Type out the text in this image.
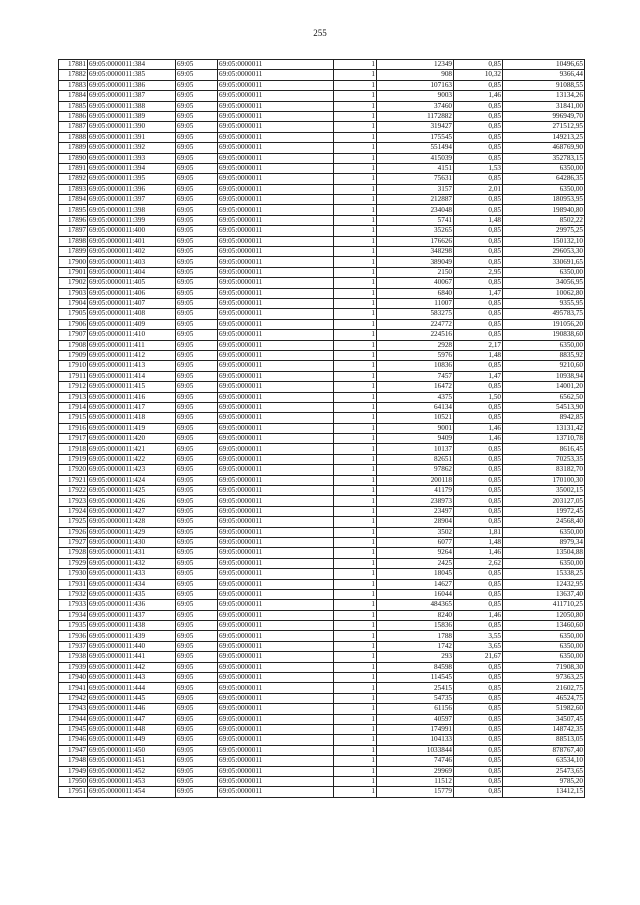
255
17881	69:05:0000011:384	69:05	69:05:0000011	1	12349	0,85	10496,65
17882	69:05:0000011:385	69:05	69:05:0000011	1	908	10,32	9366,44
17883	69:05:0000011:386	69:05	69:05:0000011	1	107163	0,85	91088,55
17884	69:05:0000011:387	69:05	69:05:0000011	1	9003	1,46	13134,26
17885	69:05:0000011:388	69:05	69:05:0000011	1	37460	0,85	31841,00
17886	69:05:0000011:389	69:05	69:05:0000011	1	1172882	0,85	996949,70
17887	69:05:0000011:390	69:05	69:05:0000011	1	319427	0,85	271512,95
17888	69:05:0000011:391	69:05	69:05:0000011	1	175545	0,85	149213,25
17889	69:05:0000011:392	69:05	69:05:0000011	1	551494	0,85	468769,90
17890	69:05:0000011:393	69:05	69:05:0000011	1	415039	0,85	352783,15
17891	69:05:0000011:394	69:05	69:05:0000011	1	4151	1,53	6350,00
17892	69:05:0000011:395	69:05	69:05:0000011	1	75631	0,85	64286,35
17893	69:05:0000011:396	69:05	69:05:0000011	1	3157	2,01	6350,00
17894	69:05:0000011:397	69:05	69:05:0000011	1	212887	0,85	180953,95
17895	69:05:0000011:398	69:05	69:05:0000011	1	234048	0,85	198940,80
17896	69:05:0000011:399	69:05	69:05:0000011	1	5741	1,48	8502,22
17897	69:05:0000011:400	69:05	69:05:0000011	1	35265	0,85	29975,25
17898	69:05:0000011:401	69:05	69:05:0000011	1	176626	0,85	150132,10
17899	69:05:0000011:402	69:05	69:05:0000011	1	348298	0,85	296053,30
17900	69:05:0000011:403	69:05	69:05:0000011	1	389049	0,85	330691,65
17901	69:05:0000011:404	69:05	69:05:0000011	1	2150	2,95	6350,00
17902	69:05:0000011:405	69:05	69:05:0000011	1	40067	0,85	34056,95
17903	69:05:0000011:406	69:05	69:05:0000011	1	6840	1,47	10062,80
17904	69:05:0000011:407	69:05	69:05:0000011	1	11007	0,85	9355,95
17905	69:05:0000011:408	69:05	69:05:0000011	1	583275	0,85	495783,75
17906	69:05:0000011:409	69:05	69:05:0000011	1	224772	0,85	191056,20
17907	69:05:0000011:410	69:05	69:05:0000011	1	224516	0,85	190838,60
17908	69:05:0000011:411	69:05	69:05:0000011	1	2928	2,17	6350,00
17909	69:05:0000011:412	69:05	69:05:0000011	1	5976	1,48	8835,92
17910	69:05:0000011:413	69:05	69:05:0000011	1	10836	0,85	9210,60
17911	69:05:0000011:414	69:05	69:05:0000011	1	7457	1,47	10938,94
17912	69:05:0000011:415	69:05	69:05:0000011	1	16472	0,85	14001,20
17913	69:05:0000011:416	69:05	69:05:0000011	1	4375	1,50	6562,50
17914	69:05:0000011:417	69:05	69:05:0000011	1	64134	0,85	54513,90
17915	69:05:0000011:418	69:05	69:05:0000011	1	10521	0,85	8942,85
17916	69:05:0000011:419	69:05	69:05:0000011	1	9001	1,46	13131,42
17917	69:05:0000011:420	69:05	69:05:0000011	1	9409	1,46	13710,78
17918	69:05:0000011:421	69:05	69:05:0000011	1	10137	0,85	8616,45
17919	69:05:0000011:422	69:05	69:05:0000011	1	82651	0,85	70253,35
17920	69:05:0000011:423	69:05	69:05:0000011	1	97862	0,85	83182,70
17921	69:05:0000011:424	69:05	69:05:0000011	1	200118	0,85	170100,30
17922	69:05:0000011:425	69:05	69:05:0000011	1	41179	0,85	35002,15
17923	69:05:0000011:426	69:05	69:05:0000011	1	238973	0,85	203127,05
17924	69:05:0000011:427	69:05	69:05:0000011	1	23497	0,85	19972,45
17925	69:05:0000011:428	69:05	69:05:0000011	1	28904	0,85	24568,40
17926	69:05:0000011:429	69:05	69:05:0000011	1	3502	1,81	6350,00
17927	69:05:0000011:430	69:05	69:05:0000011	1	6077	1,48	8979,34
17928	69:05:0000011:431	69:05	69:05:0000011	1	9264	1,46	13504,88
17929	69:05:0000011:432	69:05	69:05:0000011	1	2425	2,62	6350,00
17930	69:05:0000011:433	69:05	69:05:0000011	1	18045	0,85	15338,25
17931	69:05:0000011:434	69:05	69:05:0000011	1	14627	0,85	12432,95
17932	69:05:0000011:435	69:05	69:05:0000011	1	16044	0,85	13637,40
17933	69:05:0000011:436	69:05	69:05:0000011	1	484365	0,85	411710,25
17934	69:05:0000011:437	69:05	69:05:0000011	1	8240	1,46	12050,80
17935	69:05:0000011:438	69:05	69:05:0000011	1	15836	0,85	13460,60
17936	69:05:0000011:439	69:05	69:05:0000011	1	1788	3,55	6350,00
17937	69:05:0000011:440	69:05	69:05:0000011	1	1742	3,65	6350,00
17938	69:05:0000011:441	69:05	69:05:0000011	1	293	21,67	6350,00
17939	69:05:0000011:442	69:05	69:05:0000011	1	84598	0,85	71908,30
17940	69:05:0000011:443	69:05	69:05:0000011	1	114545	0,85	97363,25
17941	69:05:0000011:444	69:05	69:05:0000011	1	25415	0,85	21602,75
17942	69:05:0000011:445	69:05	69:05:0000011	1	54735	0,85	46524,75
17943	69:05:0000011:446	69:05	69:05:0000011	1	61156	0,85	51982,60
17944	69:05:0000011:447	69:05	69:05:0000011	1	40597	0,85	34507,45
17945	69:05:0000011:448	69:05	69:05:0000011	1	174991	0,85	148742,35
17946	69:05:0000011:449	69:05	69:05:0000011	1	104133	0,85	88513,05
17947	69:05:0000011:450	69:05	69:05:0000011	1	1033844	0,85	878767,40
17948	69:05:0000011:451	69:05	69:05:0000011	1	74746	0,85	63534,10
17949	69:05:0000011:452	69:05	69:05:0000011	1	29969	0,85	25473,65
17950	69:05:0000011:453	69:05	69:05:0000011	1	11512	0,85	9785,20
17951	69:05:0000011:454	69:05	69:05:0000011	1	15779	0,85	13412,15
